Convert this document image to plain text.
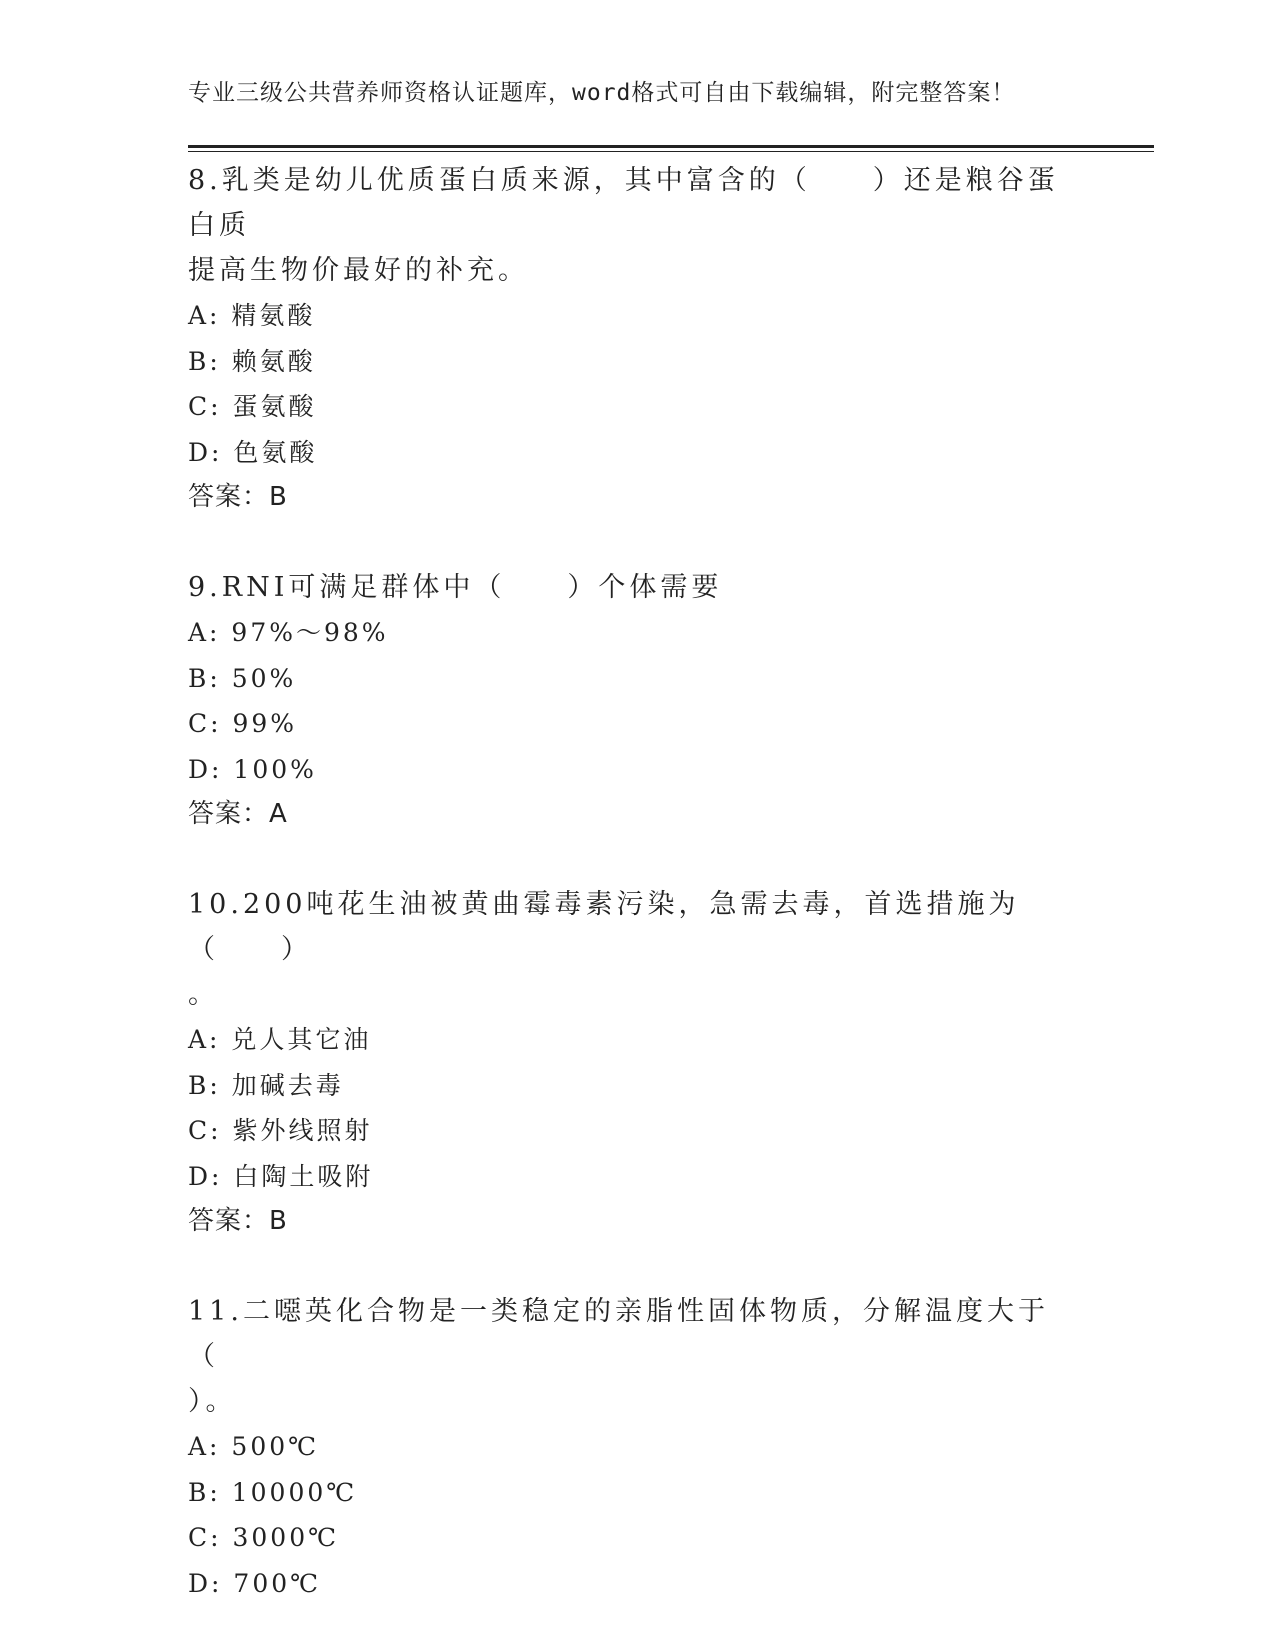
专业三级公共营养师资格认证题库，word格式可自由下载编辑，附完整答案！
8.乳类是幼儿优质蛋白质来源，其中富含的（　　）还是粮谷蛋白质
提高生物价最好的补充。
A: 精氨酸
B: 赖氨酸
C: 蛋氨酸
D: 色氨酸
答案：B
9.RNI可满足群体中（　　）个体需要
A: 97%～98%
B: 50%
C: 99%
D: 100%
答案：A
10.200吨花生油被黄曲霉毒素污染，急需去毒，首选措施为（　　）
。
A: 兑人其它油
B: 加碱去毒
C: 紫外线照射
D: 白陶土吸附
答案：B
11.二噁英化合物是一类稳定的亲脂性固体物质，分解温度大于（
）。
A: 500℃
B: 10000℃
C: 3000℃
D: 700℃
